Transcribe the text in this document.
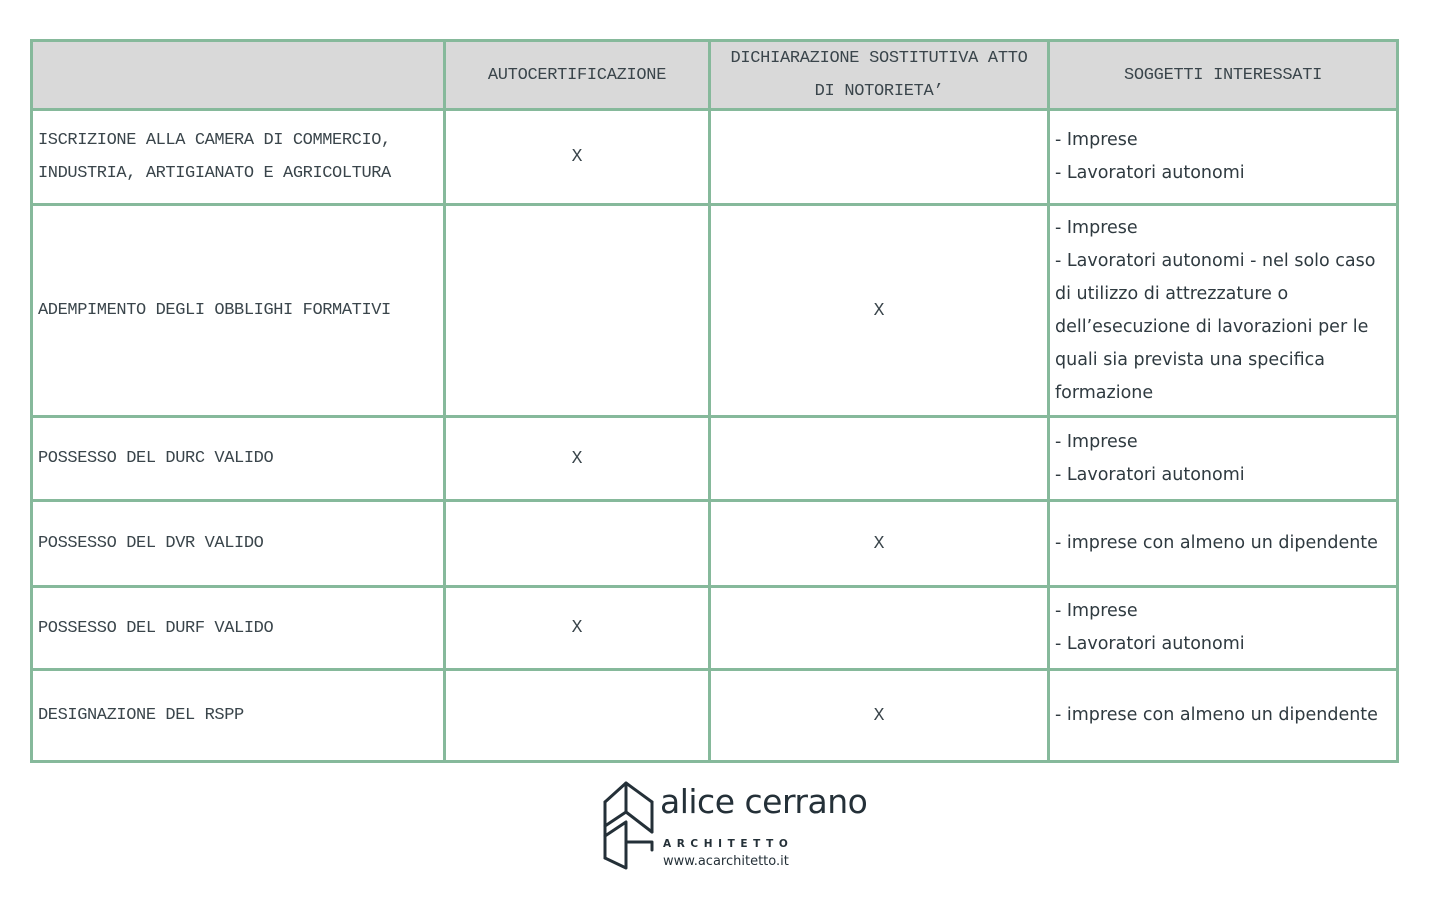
	AUTOCERTIFICAZIONE	DICHIARAZIONE SOSTITUTIVA ATTO DI NOTORIETA’	SOGGETTI INTERESSATI
ISCRIZIONE ALLA CAMERA DI COMMERCIO, INDUSTRIA, ARTIGIANATO E AGRICOLTURA	X		- Imprese
- Lavoratori autonomi

ADEMPIMENTO DEGLI OBBLIGHI FORMATIVI		X	- Imprese
- Lavoratori autonomi - nel solo caso di utilizzo di attrezzature o dell’esecuzione di lavorazioni per le quali sia prevista una specifica formazione

POSSESSO DEL DURC VALIDO	X		- Imprese
- Lavoratori autonomi

POSSESSO DEL DVR VALIDO		X	- imprese con almeno un dipendente

POSSESSO DEL DURF VALIDO	X		- Imprese
- Lavoratori autonomi

DESIGNAZIONE DEL RSPP		X	- imprese con almeno un dipendente
alice cerrano
ARCHITETTO
www.acarchitetto.it
